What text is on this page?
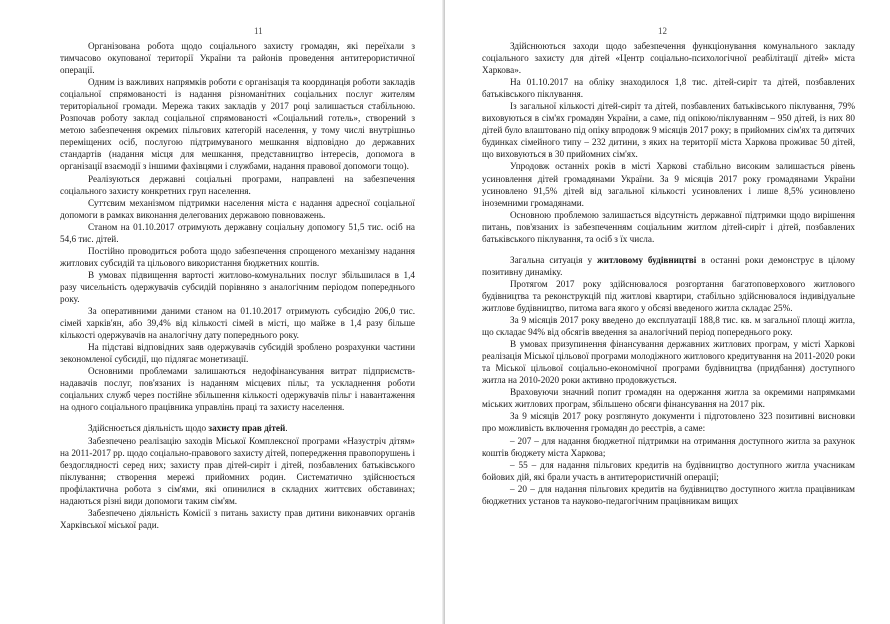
11

Організована робота щодо соціального захисту громадян, які переїхали з тимчасово окупованої території України та районів проведення антитерористичної операції.

Одним із важливих напрямків роботи є організація та координація роботи закладів соціальної спрямованості із надання різноманітних соціальних послуг жителям територіальної громади. Мережа таких закладів у 2017 році залишається стабільною. Розпочав роботу заклад соціальної спрямованості «Соціальний готель», створений з метою забезпечення окремих пільгових категорій населення, у тому числі внутрішньо переміщених осіб, послугою підтримуваного мешкання відповідно до державних стандартів (надання місця для мешкання, представництво інтересів, допомога в організації взаємодії з іншими фахівцями і службами, надання правової допомоги тощо).

Реалізуються державні соціальні програми, направлені на забезпечення соціального захисту конкретних груп населення.

Суттєвим механізмом підтримки населення міста є надання адресної соціальної допомоги в рамках виконання делегованих державою повноважень.

Станом на 01.10.2017 отримують державну соціальну допомогу 51,5 тис. осіб на 54,6 тис. дітей.

Постійно проводиться робота щодо забезпечення спрощеного механізму надання житлових субсидій та цільового використання бюджетних коштів.

В умовах підвищення вартості житлово-комунальних послуг збільшилася в 1,4 разу чисельність одержувачів субсидій порівняно з аналогічним періодом попереднього року.

За оперативними даними станом на 01.10.2017 отримують субсидію 206,0 тис. сімей харків'ян, або 39,4% від кількості сімей в місті, що майже в 1,4 разу більше кількості одержувачів на аналогічну дату попереднього року.

На підставі відповідних заяв одержувачів субсидій зроблено розрахунки частини зекономленої субсидії, що підлягає монетизації.

Основними проблемами залишаються недофінансування витрат підприємств-надавачів послуг, пов'язаних із наданням місцевих пільг, та ускладнення роботи соціальних служб через постійне збільшення кількості одержувачів пільг і навантаження на одного соціального працівника управлінь праці та захисту населення.

Здійснюється діяльність щодо захисту прав дітей.

Забезпечено реалізацію заходів Міської Комплексної програми «Назустріч дітям» на 2011-2017 рр. щодо соціально-правового захисту дітей, попередження правопорушень і бездоглядності серед них; захисту прав дітей-сиріт і дітей, позбавлених батьківського піклування; створення мережі прийомних родин. Систематично здійснюється профілактична робота з сім'ями, які опинилися в складних життєвих обставинах; надаються різні види допомоги таким сім'ям.

Забезпечено діяльність Комісії з питань захисту прав дитини виконавчих органів Харківської міської ради.

12

Здійснюються заходи щодо забезпечення функціонування комунального закладу соціального захисту для дітей «Центр соціально-психологічної реабілітації дітей» міста Харкова».

На 01.10.2017 на обліку знаходилося 1,8 тис. дітей-сиріт та дітей, позбавлених батьківського піклування.

Із загальної кількості дітей-сиріт та дітей, позбавлених батьківського піклування, 79% виховуються в сім'ях громадян України, а саме, під опікою/піклуванням – 950 дітей, із них 80 дітей було влаштовано під опіку впродовж 9 місяців 2017 року; в прийомних сім'ях та дитячих будинках сімейного типу – 232 дитини, з яких на території міста Харкова проживає 50 дітей, що виховуються в 30 прийомних сім'ях.

Упродовж останніх років в місті Харкові стабільно високим залишається рівень усиновлення дітей громадянами України. За 9 місяців 2017 року громадянами України усиновлено 91,5% дітей від загальної кількості усиновлених і лише 8,5% усиновлено іноземними громадянами.

Основною проблемою залишається відсутність державної підтримки щодо вирішення питань, пов'язаних із забезпеченням соціальним житлом дітей-сиріт і дітей, позбавлених батьківського піклування, та осіб з їх числа.

Загальна ситуація у житловому будівництві в останні роки демонструє в цілому позитивну динаміку.

Протягом 2017 року здійснювалося розгортання багатоповерхового житлового будівництва та реконструкцій під житлові квартири, стабільно здійснювалося індивідуальне житлове будівництво, питома вага якого у обсязі введеного житла складає 25%.

За 9 місяців 2017 року введено до експлуатації 188,8 тис. кв. м загальної площі житла, що складає 94% від обсягів введення за аналогічний період попереднього року.

В умовах призупинення фінансування державних житлових програм, у місті Харкові реалізація Міської цільової програми молодіжного житлового кредитування на 2011-2020 роки та Міської цільової соціально-економічної програми будівництва (придбання) доступного житла на 2010-2020 роки активно продовжується.

Враховуючи значний попит громадян на одержання житла за окремими напрямками міських житлових програм, збільшено обсяги фінансування на 2017 рік.

За 9 місяців 2017 року розглянуто документи і підготовлено 323 позитивні висновки про можливість включення громадян до реєстрів, а саме:

– 207 – для надання бюджетної підтримки на отримання доступного житла за рахунок коштів бюджету міста Харкова;

– 55 – для надання пільгових кредитів на будівництво доступного житла учасникам бойових дій, які брали участь в антитерористичній операції;

– 20 – для надання пільгових кредитів на будівництво доступного житла працівникам бюджетних установ та науково-педагогічним працівникам вищих
